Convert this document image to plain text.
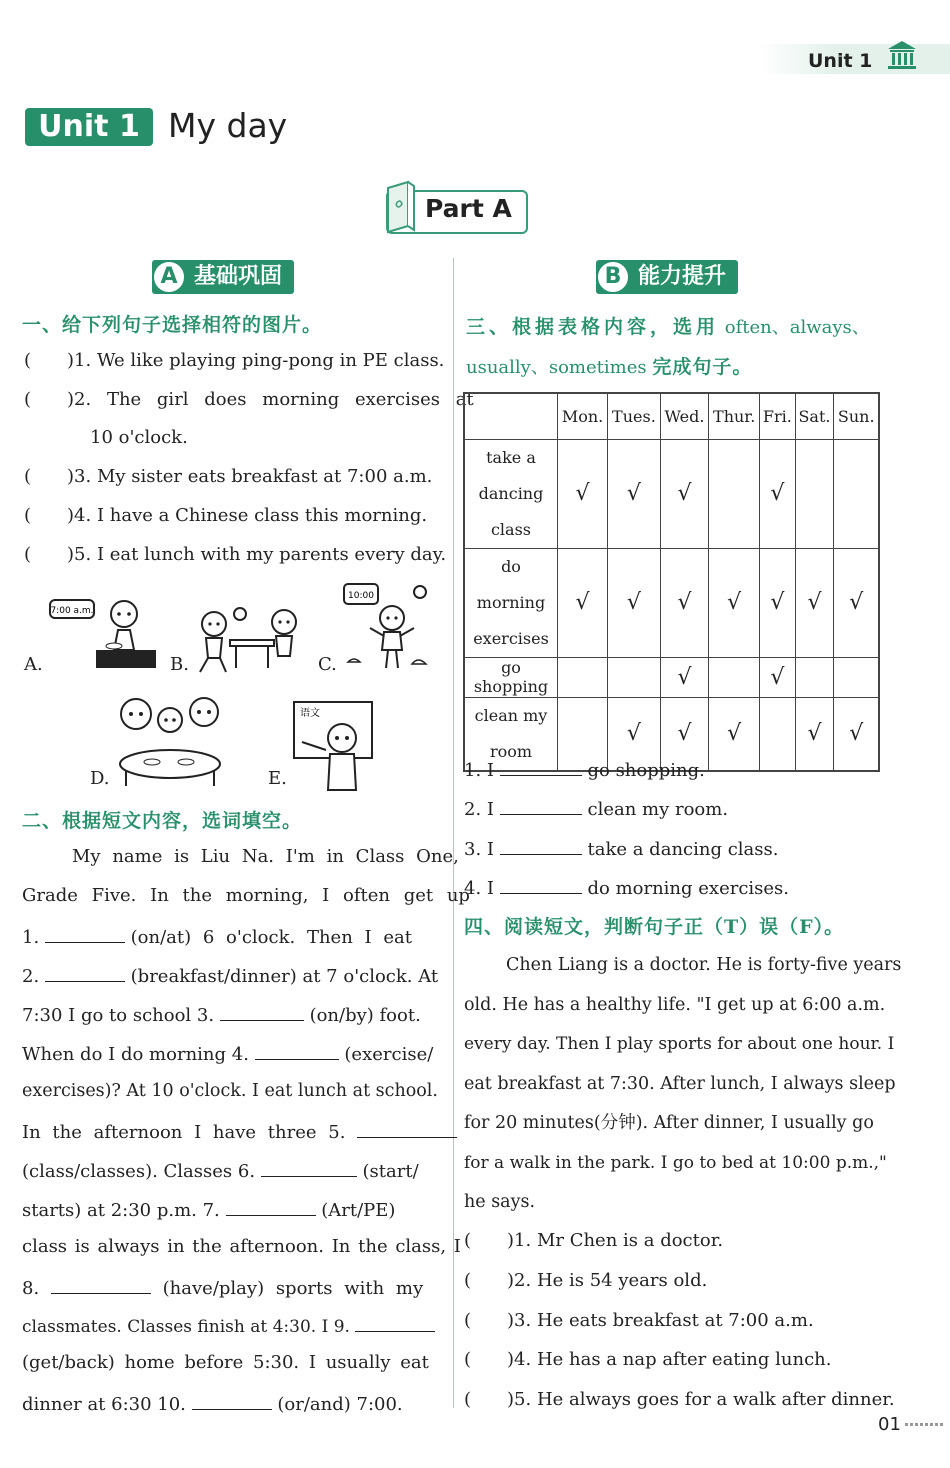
Unit 1
Unit 1 My day
Part A
A 基础巩固
一、给下列句子选择相符的图片。
(　　)1. We like playing ping-pong in PE class.
(　　)2. The girl does morning exercises at
10 o'clock.
(　　)3. My sister eats breakfast at 7:00 a.m.
(　　)4. I have a Chinese class this morning.
(　　)5. I eat lunch with my parents every day.
A.
7:00 a.m.
B.	C.
10:00
D.	E.
语文
二、根据短文内容，选词填空。
My name is Liu Na. I'm in Class One,
Grade Five. In the morning, I often get up
1.	(on/at) 6 o'clock. Then I eat
2.	(breakfast/dinner) at 7 o'clock. At
7:30 I go to school 3.	(on/by) foot.
When do I do morning 4.	(exercise/
exercises)? At 10 o'clock. I eat lunch at school.
In the afternoon I have three 5.
(class/classes). Classes 6.	(start/
starts) at 2:30 p.m. 7.	(Art/PE)
class is always in the afternoon. In the class, I
8.	(have/play) sports with my
classmates. Classes finish at 4:30. I 9.
(get/back) home before 5:30. I usually eat
dinner at 6:30 10.	(or/and) 7:00.
B 能力提升
三、根据表格内容，选用 often、always、
usually、sometimes 完成句子。
	Mon.	Tues.	Wed.	Thur.	Fri.	Sat.	Sun.

take a
dancing
class	√	√	√		√		

do morning
exercises	√	√	√	√	√	√	√

go shopping			√		√		

clean my
room		√	√	√		√	√
1. I	go shopping.
2. I	clean my room.
3. I	take a dancing class.
4. I	do morning exercises.
四、阅读短文，判断句子正（T）误（F）。
Chen Liang is a doctor. He is forty-five years
old. He has a healthy life. "I get up at 6:00 a.m.
every day. Then I play sports for about one hour. I
eat breakfast at 7:30. After lunch, I always sleep
for 20 minutes(分钟). After dinner, I usually go
for a walk in the park. I go to bed at 10:00 p.m.,"
he says.
(　　)1. Mr Chen is a doctor.
(　　)2. He is 54 years old.
(　　)3. He eats breakfast at 7:00 a.m.
(　　)4. He has a nap after eating lunch.
(　　)5. He always goes for a walk after dinner.
01
